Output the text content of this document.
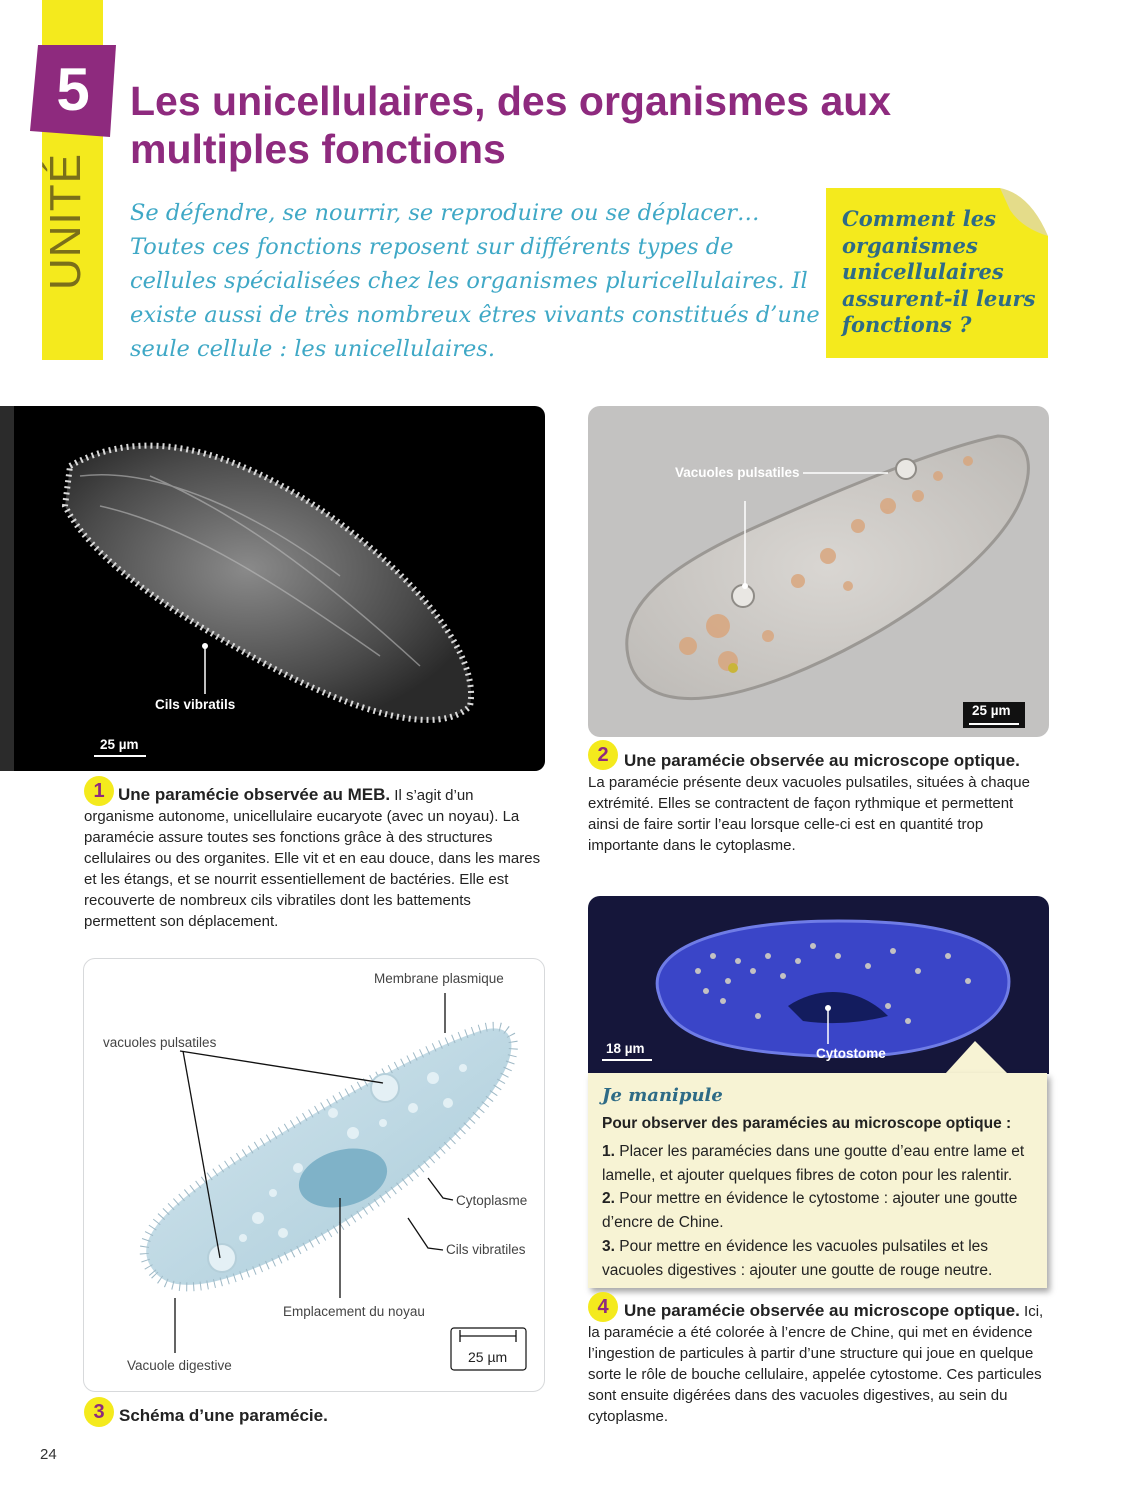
5
UNITÉ
Les unicellulaires, des organismes aux multiples fonctions
Se défendre, se nourrir, se reproduire ou se déplacer… Toutes ces fonctions reposent sur différents types de cellules spécialisées chez les organismes pluricellulaires. Il existe aussi de très nombreux êtres vivants constitués d’une seule cellule : les unicellulaires.
Comment les organismes unicellulaires assurent-il leurs fonctions ?
Cils vibratils
25 µm
1 Une paramécie observée au MEB. Il s’agit d’un organisme autonome, unicellulaire eucaryote (avec un noyau). La paramécie assure toutes ses fonctions grâce à des structures cellulaires ou des organites. Elle vit et en eau douce, dans les mares et les étangs, et se nourrit essentiellement de bactéries. Elle est recouverte de nombreux cils vibratiles dont les battements permettent son déplacement.
Vacuoles pulsatiles
25 µm
2 Une paramécie observée au microscope optique. La paramécie présente deux vacuoles pulsatiles, situées à chaque extrémité. Elles se contractent de façon rythmique et permettent ainsi de faire sortir l’eau lorsque celle-ci est en quantité trop importante dans le cytoplasme.
18 µm	Cytostome
Je manipule
Pour observer des paramécies au microscope optique :
1. Placer les paramécies dans une goutte d’eau entre lame et lamelle, et ajouter quelques fibres de coton pour les ralentir.
2. Pour mettre en évidence le cytostome : ajouter une goutte d’encre de Chine.
3. Pour mettre en évidence les vacuoles pulsatiles et les vacuoles digestives : ajouter une goutte de rouge neutre.
4 Une paramécie observée au microscope optique. Ici, la paramécie a été colorée à l’encre de Chine, qui met en évidence l’ingestion de particules à partir d’une structure qui joue en quelque sorte le rôle de bouche cellulaire, appelée cytostome. Ces particules sont ensuite digérées dans des vacuoles digestives, au sein du cytoplasme.
Membrane plasmique
vacuoles pulsatiles
Cytoplasme
Cils vibratiles
Emplacement du noyau
Vacuole digestive
25 µm
3 Schéma d’une paramécie.
24
